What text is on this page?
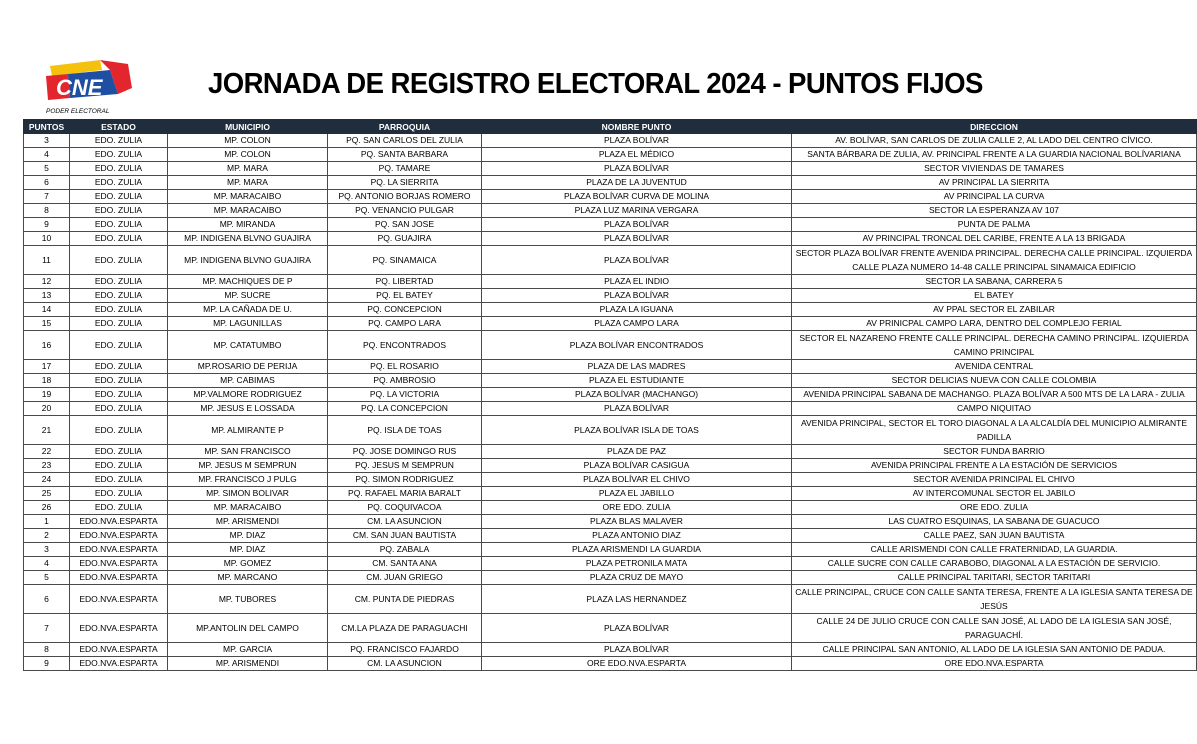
CNE
PODER ELECTORAL
JORNADA DE REGISTRO ELECTORAL 2024 - PUNTOS FIJOS
PUNTOS	ESTADO	MUNICIPIO	PARROQUIA	NOMBRE PUNTO	DIRECCION
3	EDO. ZULIA	MP. COLON	PQ. SAN CARLOS DEL ZULIA	PLAZA BOLÍVAR	AV. BOLÍVAR, SAN CARLOS DE ZULIA CALLE 2, AL LADO DEL CENTRO CÍVICO.
4	EDO. ZULIA	MP. COLON	PQ. SANTA BARBARA	PLAZA EL MÉDICO	SANTA BÁRBARA DE ZULIA, AV. PRINCIPAL FRENTE A LA GUARDIA NACIONAL BOLÍVARIANA
5	EDO. ZULIA	MP. MARA	PQ. TAMARE	PLAZA BOLÍVAR	SECTOR VIVIENDAS DE TAMARES
6	EDO. ZULIA	MP. MARA	PQ. LA SIERRITA	PLAZA DE LA JUVENTUD	AV PRINCIPAL LA SIERRITA
7	EDO. ZULIA	MP. MARACAIBO	PQ. ANTONIO BORJAS ROMERO	PLAZA BOLÍVAR CURVA DE MOLINA	AV PRINCIPAL LA CURVA
8	EDO. ZULIA	MP. MARACAIBO	PQ. VENANCIO PULGAR	PLAZA LUZ MARINA VERGARA	SECTOR LA ESPERANZA AV 107
9	EDO. ZULIA	MP. MIRANDA	PQ. SAN JOSE	PLAZA BOLÍVAR	PUNTA DE PALMA
10	EDO. ZULIA	MP. INDIGENA BLVNO GUAJIRA	PQ. GUAJIRA	PLAZA BOLÍVAR	AV PRINCIPAL TRONCAL DEL CARIBE, FRENTE A LA 13 BRIGADA
11	EDO. ZULIA	MP. INDIGENA BLVNO GUAJIRA	PQ. SINAMAICA	PLAZA BOLÍVAR	SECTOR PLAZA BOLÍVAR FRENTE AVENIDA PRINCIPAL. DERECHA CALLE PRINCIPAL. IZQUIERDA CALLE PLAZA NUMERO 14-48 CALLE PRINCIPAL SINAMAICA EDIFICIO
12	EDO. ZULIA	MP. MACHIQUES DE P	PQ. LIBERTAD	PLAZA EL INDIO	SECTOR LA SABANA, CARRERA 5
13	EDO. ZULIA	MP. SUCRE	PQ. EL BATEY	PLAZA BOLÍVAR	EL BATEY
14	EDO. ZULIA	MP. LA CAÑADA DE U.	PQ. CONCEPCION	PLAZA LA IGUANA	AV PPAL SECTOR EL ZABILAR
15	EDO. ZULIA	MP. LAGUNILLAS	PQ. CAMPO LARA	PLAZA CAMPO LARA	AV PRINICPAL CAMPO LARA, DENTRO DEL COMPLEJO FERIAL
16	EDO. ZULIA	MP. CATATUMBO	PQ. ENCONTRADOS	PLAZA BOLÍVAR ENCONTRADOS	SECTOR EL NAZARENO FRENTE CALLE PRINCIPAL. DERECHA CAMINO PRINCIPAL. IZQUIERDA CAMINO PRINCIPAL
17	EDO. ZULIA	MP.ROSARIO DE PERIJA	PQ. EL ROSARIO	PLAZA DE LAS MADRES	AVENIDA CENTRAL
18	EDO. ZULIA	MP. CABIMAS	PQ. AMBROSIO	PLAZA EL ESTUDIANTE	SECTOR DELICIAS NUEVA CON CALLE COLOMBIA
19	EDO. ZULIA	MP.VALMORE RODRIGUEZ	PQ. LA VICTORIA	PLAZA BOLÍVAR (MACHANGO)	AVENIDA PRINCIPAL SABANA DE MACHANGO. PLAZA BOLÍVAR A 500 MTS DE LA LARA - ZULIA
20	EDO. ZULIA	MP. JESUS E LOSSADA	PQ. LA CONCEPCION	PLAZA BOLÍVAR	CAMPO NIQUITAO
21	EDO. ZULIA	MP. ALMIRANTE P	PQ. ISLA DE TOAS	PLAZA BOLÍVAR ISLA DE TOAS	AVENIDA PRINCIPAL, SECTOR EL TORO DIAGONAL A LA ALCALDÍA DEL MUNICIPIO ALMIRANTE PADILLA
22	EDO. ZULIA	MP. SAN FRANCISCO	PQ. JOSE DOMINGO RUS	PLAZA DE PAZ	SECTOR FUNDA BARRIO
23	EDO. ZULIA	MP. JESUS M SEMPRUN	PQ. JESUS M SEMPRUN	PLAZA BOLÍVAR CASIGUA	AVENIDA PRINCIPAL FRENTE A LA ESTACIÓN DE SERVICIOS
24	EDO. ZULIA	MP. FRANCISCO J PULG	PQ. SIMON RODRIGUEZ	PLAZA BOLÍVAR EL CHIVO	SECTOR AVENIDA PRINCIPAL EL CHIVO
25	EDO. ZULIA	MP. SIMON BOLIVAR	PQ. RAFAEL MARIA BARALT	PLAZA EL JABILLO	AV INTERCOMUNAL SECTOR EL JABILO
26	EDO. ZULIA	MP. MARACAIBO	PQ. COQUIVACOA	ORE EDO. ZULIA	ORE EDO. ZULIA
1	EDO.NVA.ESPARTA	MP. ARISMENDI	CM. LA ASUNCION	PLAZA BLAS MALAVER	LAS CUATRO ESQUINAS, LA SABANA DE GUACUCO
2	EDO.NVA.ESPARTA	MP. DIAZ	CM. SAN JUAN BAUTISTA	PLAZA ANTONIO DIAZ	CALLE PAEZ, SAN JUAN BAUTISTA
3	EDO.NVA.ESPARTA	MP. DIAZ	PQ. ZABALA	PLAZA ARISMENDI LA GUARDIA	CALLE ARISMENDI CON CALLE FRATERNIDAD, LA GUARDIA.
4	EDO.NVA.ESPARTA	MP. GOMEZ	CM. SANTA ANA	PLAZA PETRONILA MATA	CALLE SUCRE CON CALLE CARABOBO, DIAGONAL A LA ESTACIÓN DE SERVICIO.
5	EDO.NVA.ESPARTA	MP. MARCANO	CM. JUAN GRIEGO	PLAZA CRUZ DE MAYO	CALLE PRINCIPAL TARITARI, SECTOR TARITARI
6	EDO.NVA.ESPARTA	MP. TUBORES	CM. PUNTA DE PIEDRAS	PLAZA LAS HERNANDEZ	CALLE PRINCIPAL, CRUCE CON CALLE SANTA TERESA, FRENTE A LA IGLESIA SANTA TERESA DE JESÚS
7	EDO.NVA.ESPARTA	MP.ANTOLIN DEL CAMPO	CM.LA PLAZA DE PARAGUACHI	PLAZA BOLÍVAR	CALLE 24 DE JULIO CRUCE CON CALLE SAN JOSÉ, AL LADO DE LA IGLESIA SAN JOSÉ, PARAGUACHÍ.
8	EDO.NVA.ESPARTA	MP. GARCIA	PQ. FRANCISCO FAJARDO	PLAZA BOLÍVAR	CALLE PRINCIPAL SAN ANTONIO, AL LADO DE LA IGLESIA SAN ANTONIO DE PADUA.
9	EDO.NVA.ESPARTA	MP. ARISMENDI	CM. LA ASUNCION	ORE EDO.NVA.ESPARTA	ORE EDO.NVA.ESPARTA
